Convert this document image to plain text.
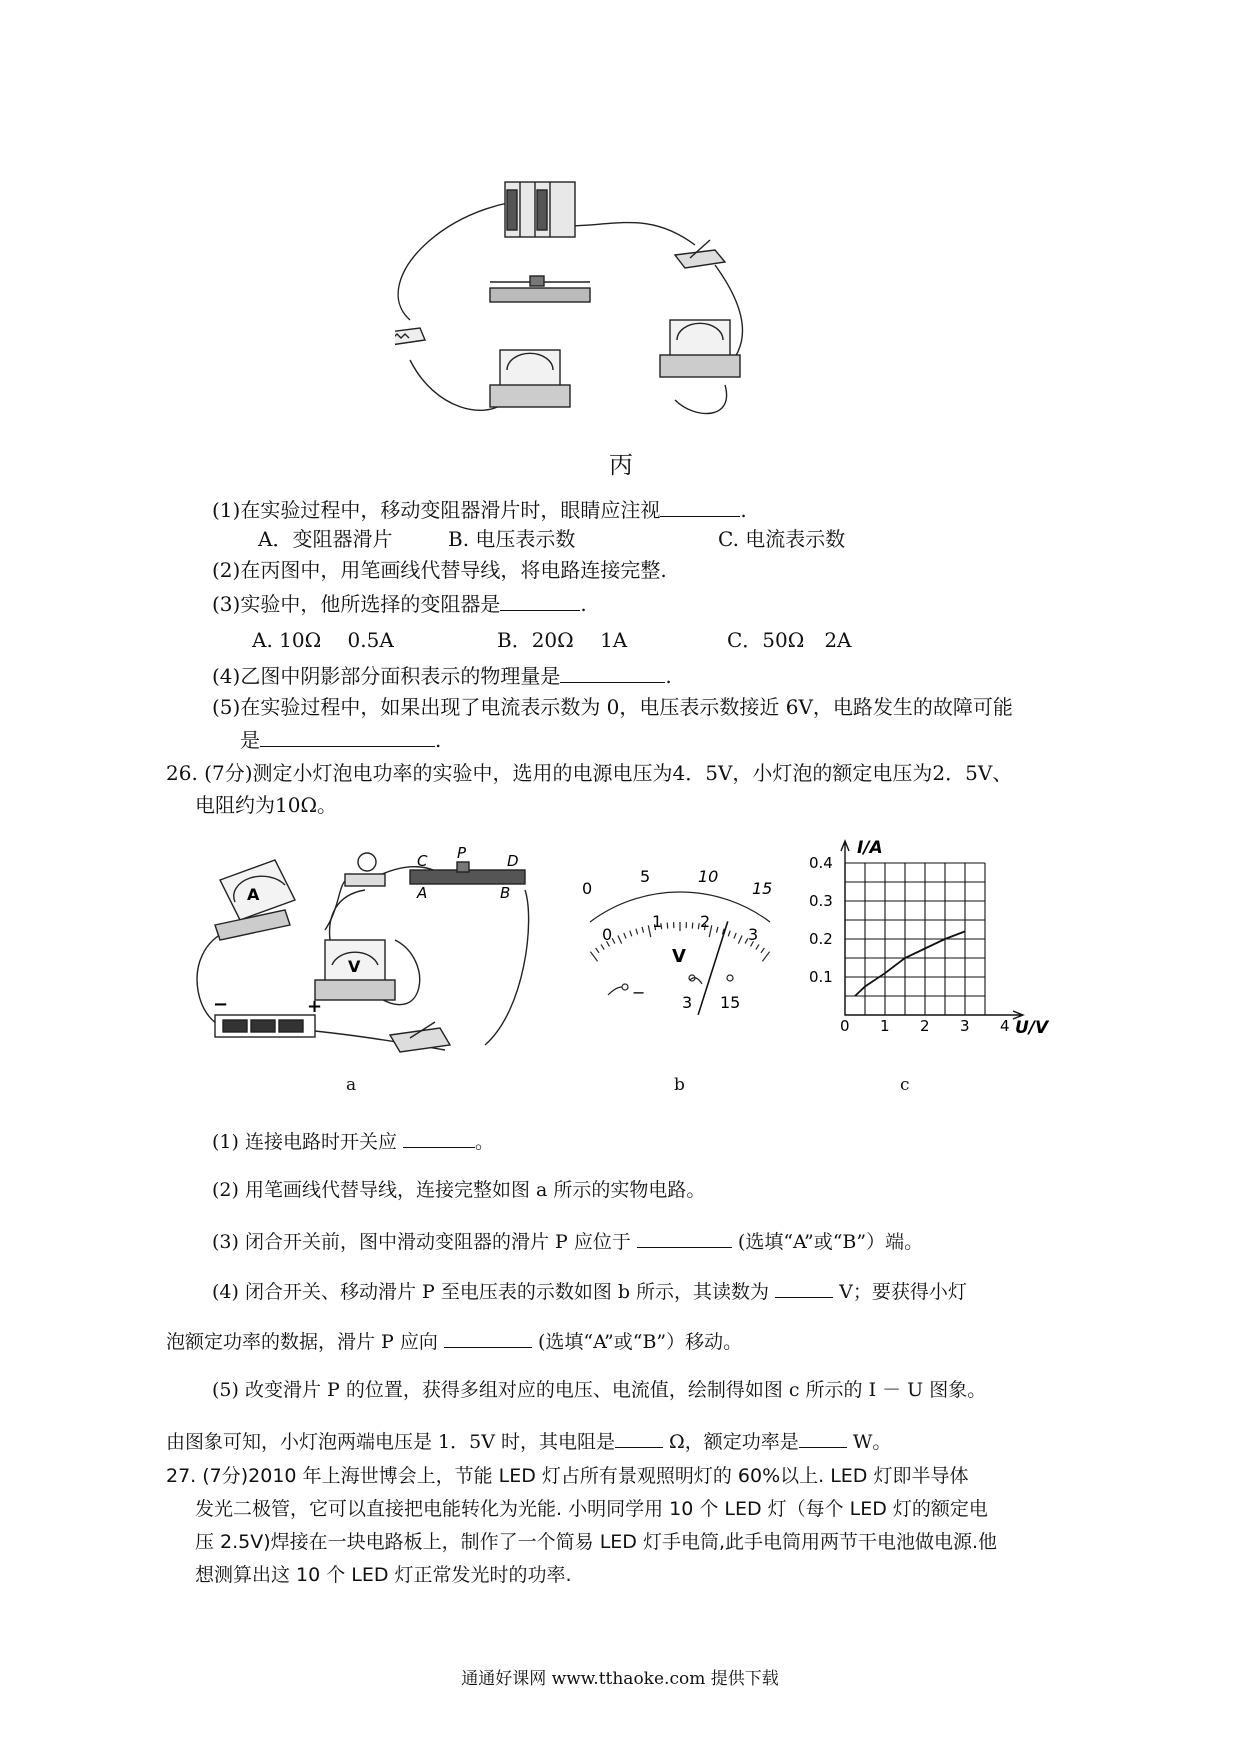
丙
(1)在实验过程中，移动变阻器滑片时，眼睛应注视	.
A．变阻器滑片	B. 电压表示数	C. 电流表示数
(2)在丙图中，用笔画线代替导线，将电路连接完整.
(3)实验中，他所选择的变阻器是	.
A. 10Ω　 0.5A	B．20Ω　 1A	C．50Ω　2A
(4)乙图中阴影部分面积表示的物理量是	.
(5)在实验过程中，如果出现了电流表示数为 0，电压表示数接近 6V，电路发生的故障可能
是	.
26. (7分)测定小灯泡电功率的实验中，选用的电源电压为4．5V，小灯泡的额定电压为2．5V、
电阻约为10Ω。
A
V
C P	D
A	B
−	+
a
0
5	10
15
0
1 2
3
V
−
3 15
b
I/A
U/V
0.1
0.2
0.3
0.4
0 1 2 3 4
c
(1) 连接电路时开关应	。
(2) 用笔画线代替导线，连接完整如图 a 所示的实物电路。
(3) 闭合开关前，图中滑动变阻器的滑片 P 应位于	(选填“A”或“B”）端。
(4) 闭合开关、移动滑片 P 至电压表的示数如图 b 所示，其读数为	V；要获得小灯
泡额定功率的数据，滑片 P 应向	(选填“A”或“B”）移动。
(5) 改变滑片 P 的位置，获得多组对应的电压、电流值，绘制得如图 c 所示的 I － U 图象。
由图象可知，小灯泡两端电压是 1．5V 时，其电阻是	Ω，额定功率是	W。
27. (7分)2010 年上海世博会上，节能 LED 灯占所有景观照明灯的 60%以上. LED 灯即半导体
发光二极管，它可以直接把电能转化为光能. 小明同学用 10 个 LED 灯（每个 LED 灯的额定电
压 2.5V)焊接在一块电路板上，制作了一个简易 LED 灯手电筒,此手电筒用两节干电池做电源.他
想测算出这 10 个 LED 灯正常发光时的功率.
通通好课网 www.tthaoke.com 提供下载
